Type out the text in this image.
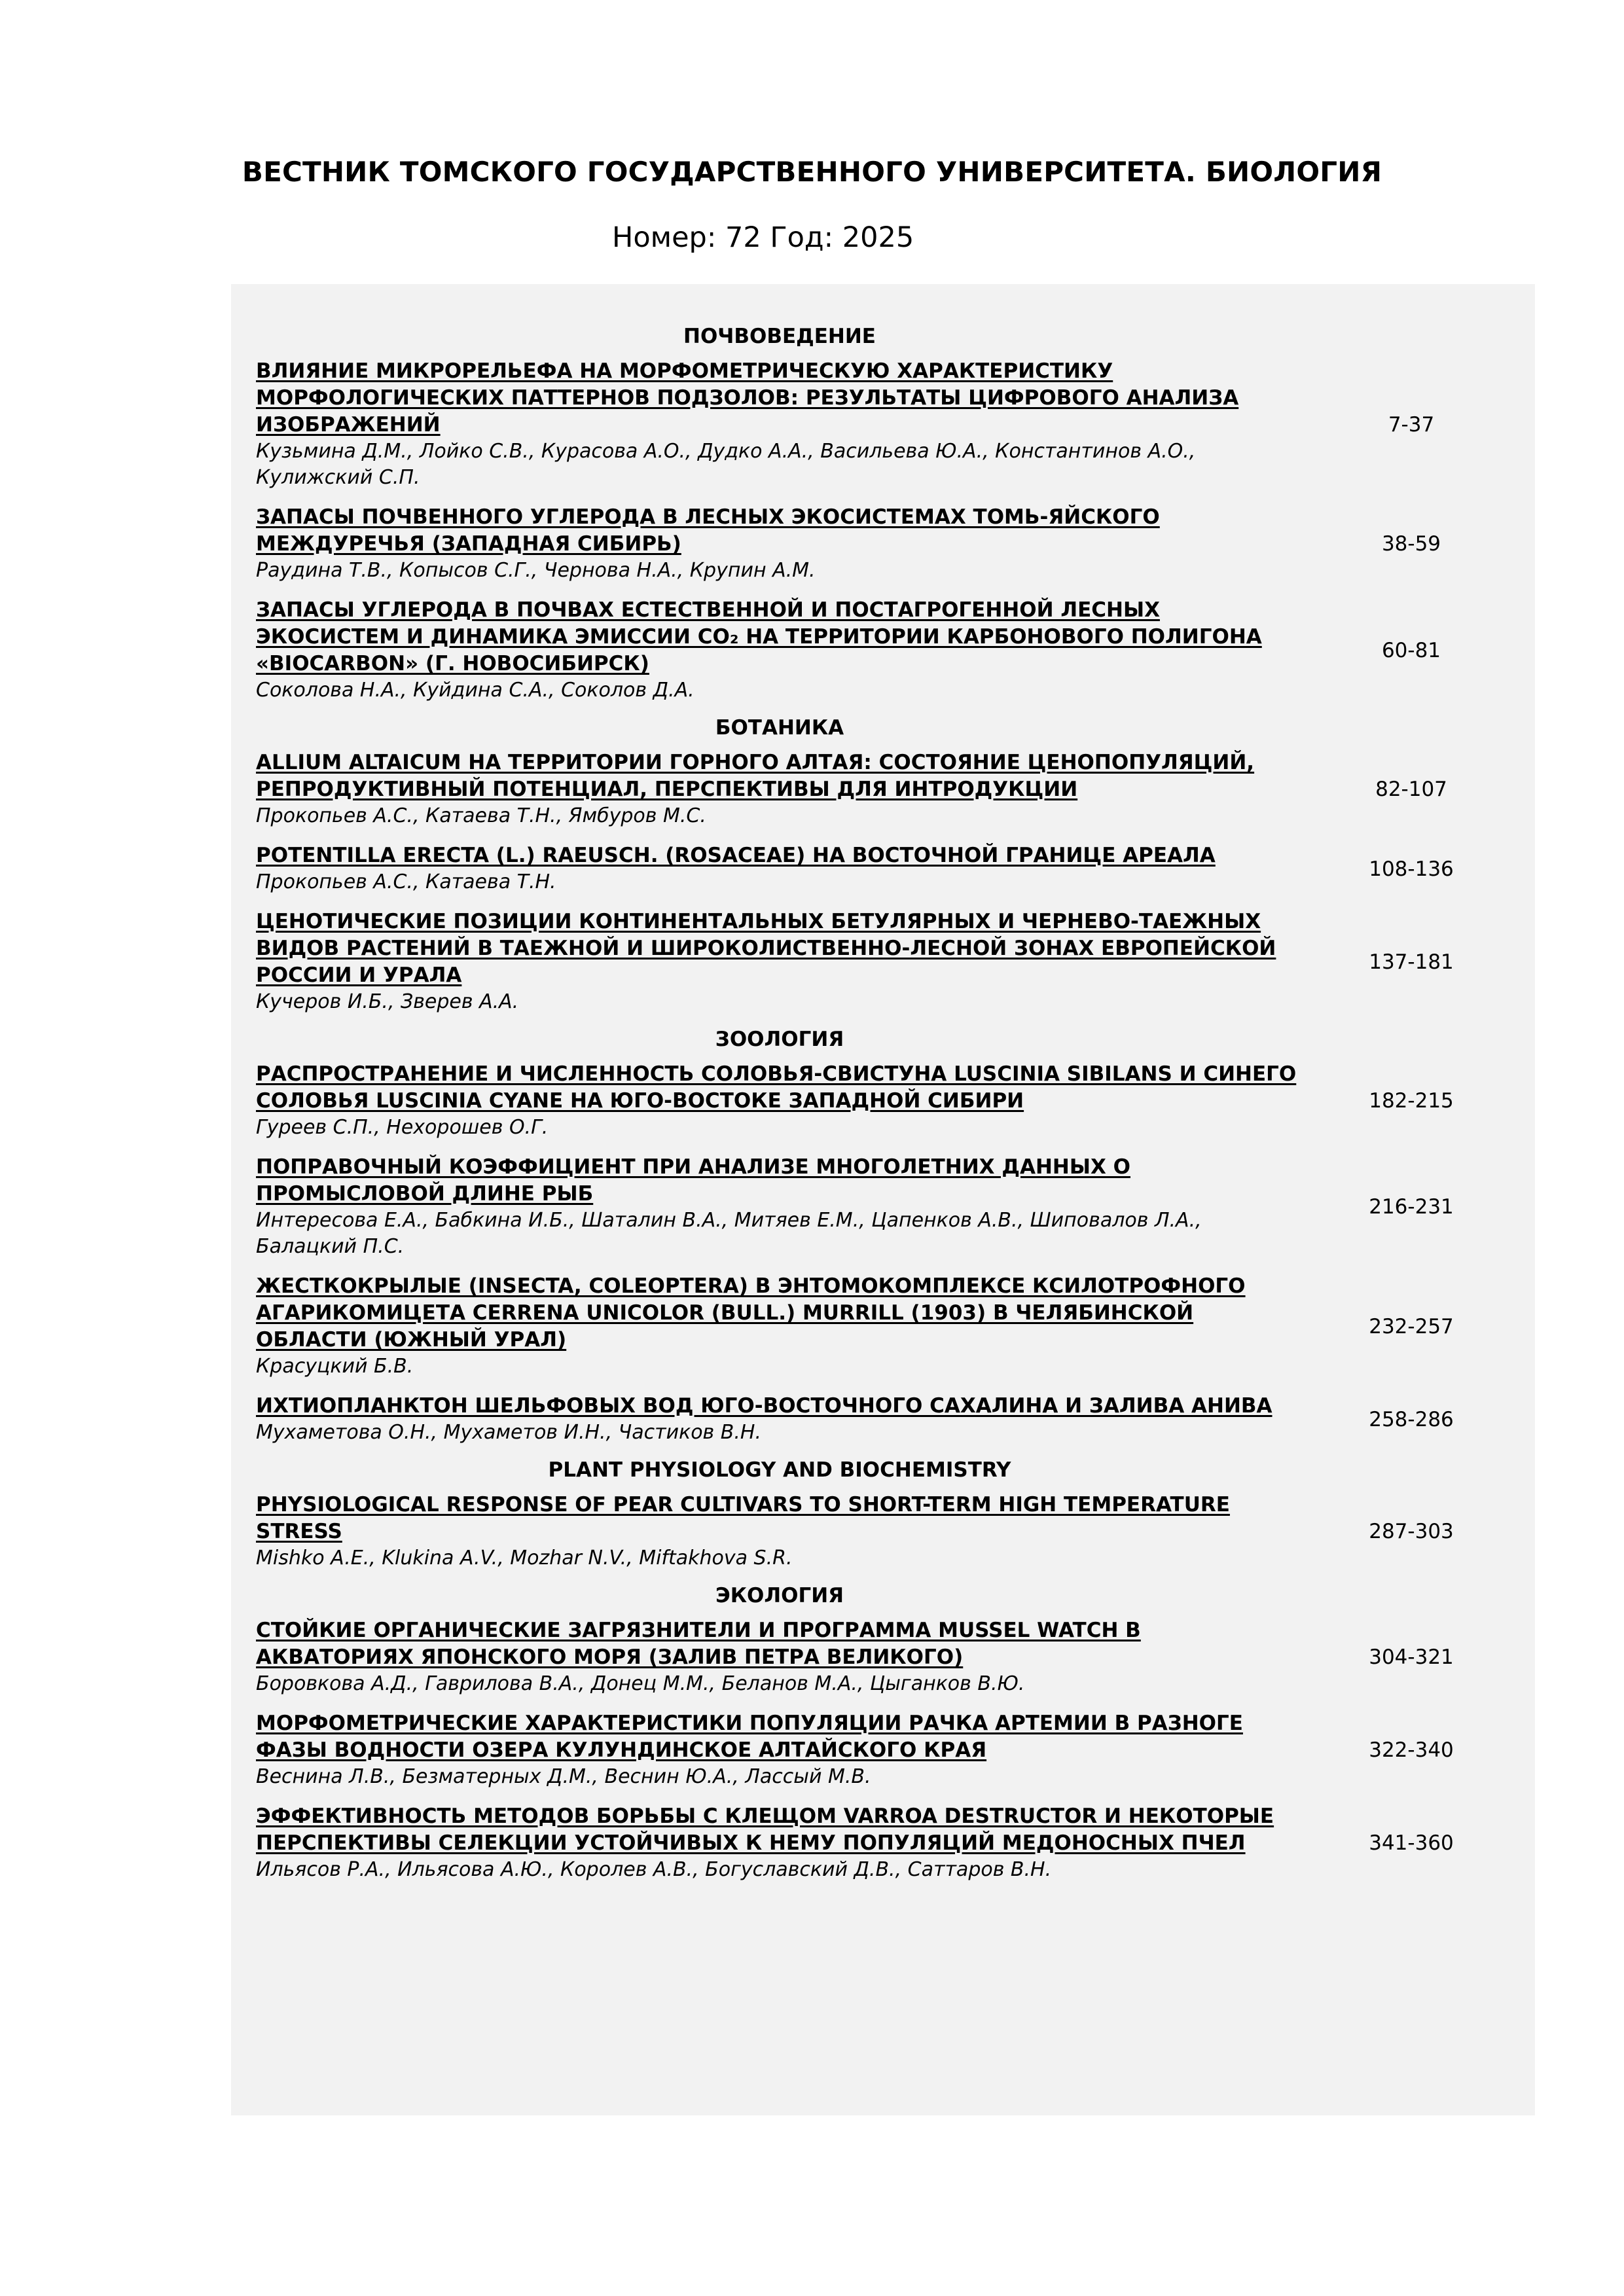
ВЕСТНИК ТОМСКОГО ГОСУДАРСТВЕННОГО УНИВЕРСИТЕТА. БИОЛОГИЯ
Номер: 72 Год: 2025
ПОЧВОВЕДЕНИЕ
ВЛИЯНИЕ МИКРОРЕЛЬЕФА НА МОРФОМЕТРИЧЕСКУЮ ХАРАКТЕРИСТИКУ МОРФОЛОГИЧЕСКИХ ПАТТЕРНОВ ПОДЗОЛОВ: РЕЗУЛЬТАТЫ ЦИФРОВОГО АНАЛИЗА ИЗОБРАЖЕНИЙ
Кузьмина Д.М., Лойко С.В., Курасова А.О., Дудко А.А., Васильева Ю.А., Константинов А.О., Кулижский С.П.
7-37
ЗАПАСЫ ПОЧВЕННОГО УГЛЕРОДА В ЛЕСНЫХ ЭКОСИСТЕМАХ ТОМЬ-ЯЙСКОГО МЕЖДУРЕЧЬЯ (ЗАПАДНАЯ СИБИРЬ)
Раудина Т.В., Копысов С.Г., Чернова Н.А., Крупин А.М.
38-59
ЗАПАСЫ УГЛЕРОДА В ПОЧВАХ ЕСТЕСТВЕННОЙ И ПОСТАГРОГЕННОЙ ЛЕСНЫХ ЭКОСИСТЕМ И ДИНАМИКА ЭМИССИИ CO₂ НА ТЕРРИТОРИИ КАРБОНОВОГО ПОЛИГОНА «BIOCARBON» (Г. НОВОСИБИРСК)
Соколова Н.А., Куйдина С.А., Соколов Д.А.
60-81
БОТАНИКА
ALLIUM ALTAICUM НА ТЕРРИТОРИИ ГОРНОГО АЛТАЯ: СОСТОЯНИЕ ЦЕНОПОПУЛЯЦИЙ, РЕПРОДУКТИВНЫЙ ПОТЕНЦИАЛ, ПЕРСПЕКТИВЫ ДЛЯ ИНТРОДУКЦИИ
Прокопьев А.С., Катаева Т.Н., Ямбуров М.С.
82-107
POTENTILLA ERECTA (L.) RAEUSCH. (ROSACEAE) НА ВОСТОЧНОЙ ГРАНИЦЕ АРЕАЛА
Прокопьев А.С., Катаева Т.Н.
108-136
ЦЕНОТИЧЕСКИЕ ПОЗИЦИИ КОНТИНЕНТАЛЬНЫХ БЕТУЛЯРНЫХ И ЧЕРНЕВО-ТАЕЖНЫХ ВИДОВ РАСТЕНИЙ В ТАЕЖНОЙ И ШИРОКОЛИСТВЕННО-ЛЕСНОЙ ЗОНАХ ЕВРОПЕЙСКОЙ РОССИИ И УРАЛА
Кучеров И.Б., Зверев А.А.
137-181
ЗООЛОГИЯ
РАСПРОСТРАНЕНИЕ И ЧИСЛЕННОСТЬ СОЛОВЬЯ-СВИСТУНА LUSCINIA SIBILANS И СИНЕГО СОЛОВЬЯ LUSCINIA CYANE НА ЮГО-ВОСТОКЕ ЗАПАДНОЙ СИБИРИ
Гуреев С.П., Нехорошев О.Г.
182-215
ПОПРАВОЧНЫЙ КОЭФФИЦИЕНТ ПРИ АНАЛИЗЕ МНОГОЛЕТНИХ ДАННЫХ О ПРОМЫСЛОВОЙ ДЛИНЕ РЫБ
Интересова Е.А., Бабкина И.Б., Шаталин В.А., Митяев Е.М., Цапенков А.В., Шиповалов Л.А., Балацкий П.С.
216-231
ЖЕСТКОКРЫЛЫЕ (INSECTA, COLEOPTERA) В ЭНТОМОКОМПЛЕКСЕ КСИЛОТРОФНОГО АГАРИКОМИЦЕТА CERRENA UNICOLOR (BULL.) MURRILL (1903) В ЧЕЛЯБИНСКОЙ ОБЛАСТИ (ЮЖНЫЙ УРАЛ)
Красуцкий Б.В.
232-257
ИХТИОПЛАНКТОН ШЕЛЬФОВЫХ ВОД ЮГО-ВОСТОЧНОГО САХАЛИНА И ЗАЛИВА АНИВА
Мухаметова О.Н., Мухаметов И.Н., Частиков В.Н.
258-286
PLANT PHYSIOLOGY AND BIOCHEMISTRY
PHYSIOLOGICAL RESPONSE OF PEAR CULTIVARS TO SHORT-TERM HIGH TEMPERATURE STRESS
Mishko A.E., Klukina A.V., Mozhar N.V., Miftakhova S.R.
287-303
ЭКОЛОГИЯ
СТОЙКИЕ ОРГАНИЧЕСКИЕ ЗАГРЯЗНИТЕЛИ И ПРОГРАММА MUSSEL WATCH В АКВАТОРИЯХ ЯПОНСКОГО МОРЯ (ЗАЛИВ ПЕТРА ВЕЛИКОГО)
Боровкова А.Д., Гаврилова В.А., Донец М.М., Беланов М.А., Цыганков В.Ю.
304-321
МОРФОМЕТРИЧЕСКИЕ ХАРАКТЕРИСТИКИ ПОПУЛЯЦИИ РАЧКА АРТЕМИИ В РАЗНОГЕ ФАЗЫ ВОДНОСТИ ОЗЕРА КУЛУНДИНСКОЕ АЛТАЙСКОГО КРАЯ
Веснина Л.В., Безматерных Д.М., Веснин Ю.А., Лассый М.В.
322-340
ЭФФЕКТИВНОСТЬ МЕТОДОВ БОРЬБЫ С КЛЕЩОМ VARROA DESTRUCTOR И НЕКОТОРЫЕ ПЕРСПЕКТИВЫ СЕЛЕКЦИИ УСТОЙЧИВЫХ К НЕМУ ПОПУЛЯЦИЙ МЕДОНОСНЫХ ПЧЕЛ
Ильясов Р.А., Ильясова А.Ю., Королев А.В., Богуславский Д.В., Саттаров В.Н.
341-360
